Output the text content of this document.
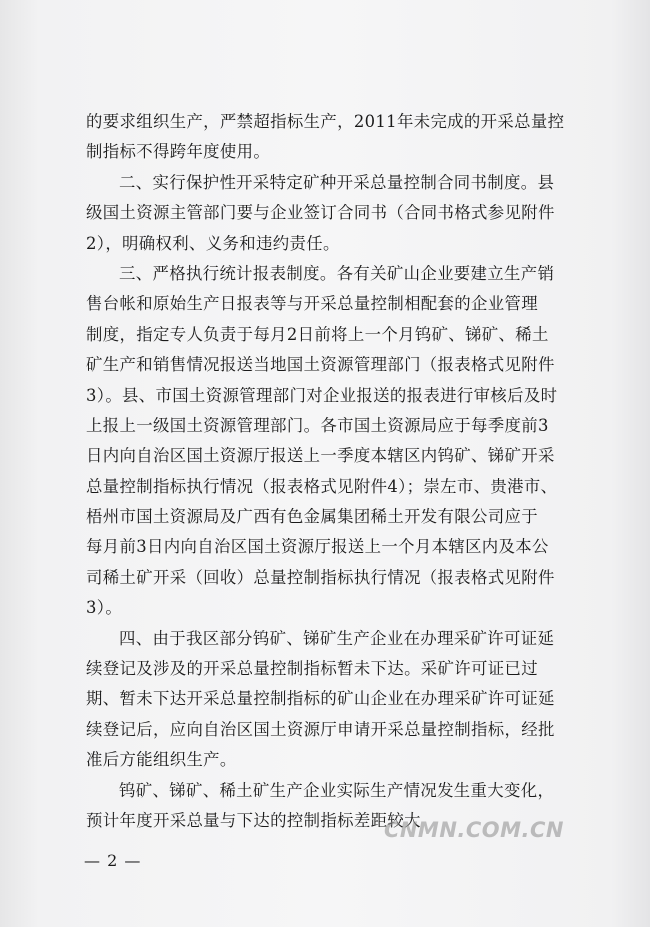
的要求组织生产，严禁超指标生产，2011年未完成的开采总量控
制指标不得跨年度使用。
二、实行保护性开采特定矿种开采总量控制合同书制度。县
级国土资源主管部门要与企业签订合同书（合同书格式参见附件
2），明确权利、义务和违约责任。
三、严格执行统计报表制度。各有关矿山企业要建立生产销
售台帐和原始生产日报表等与开采总量控制相配套的企业管理
制度，指定专人负责于每月2日前将上一个月钨矿、锑矿、稀土
矿生产和销售情况报送当地国土资源管理部门（报表格式见附件
3）。县、市国土资源管理部门对企业报送的报表进行审核后及时
上报上一级国土资源管理部门。各市国土资源局应于每季度前3
日内向自治区国土资源厅报送上一季度本辖区内钨矿、锑矿开采
总量控制指标执行情况（报表格式见附件4）；崇左市、贵港市、
梧州市国土资源局及广西有色金属集团稀土开发有限公司应于
每月前3日内向自治区国土资源厅报送上一个月本辖区内及本公
司稀土矿开采（回收）总量控制指标执行情况（报表格式见附件
3）。
四、由于我区部分钨矿、锑矿生产企业在办理采矿许可证延
续登记及涉及的开采总量控制指标暂未下达。采矿许可证已过
期、暂未下达开采总量控制指标的矿山企业在办理采矿许可证延
续登记后，应向自治区国土资源厅申请开采总量控制指标，经批
准后方能组织生产。
钨矿、锑矿、稀土矿生产企业实际生产情况发生重大变化，
预计年度开采总量与下达的控制指标差距较大
CNMN.COM.CN
— 2 —
